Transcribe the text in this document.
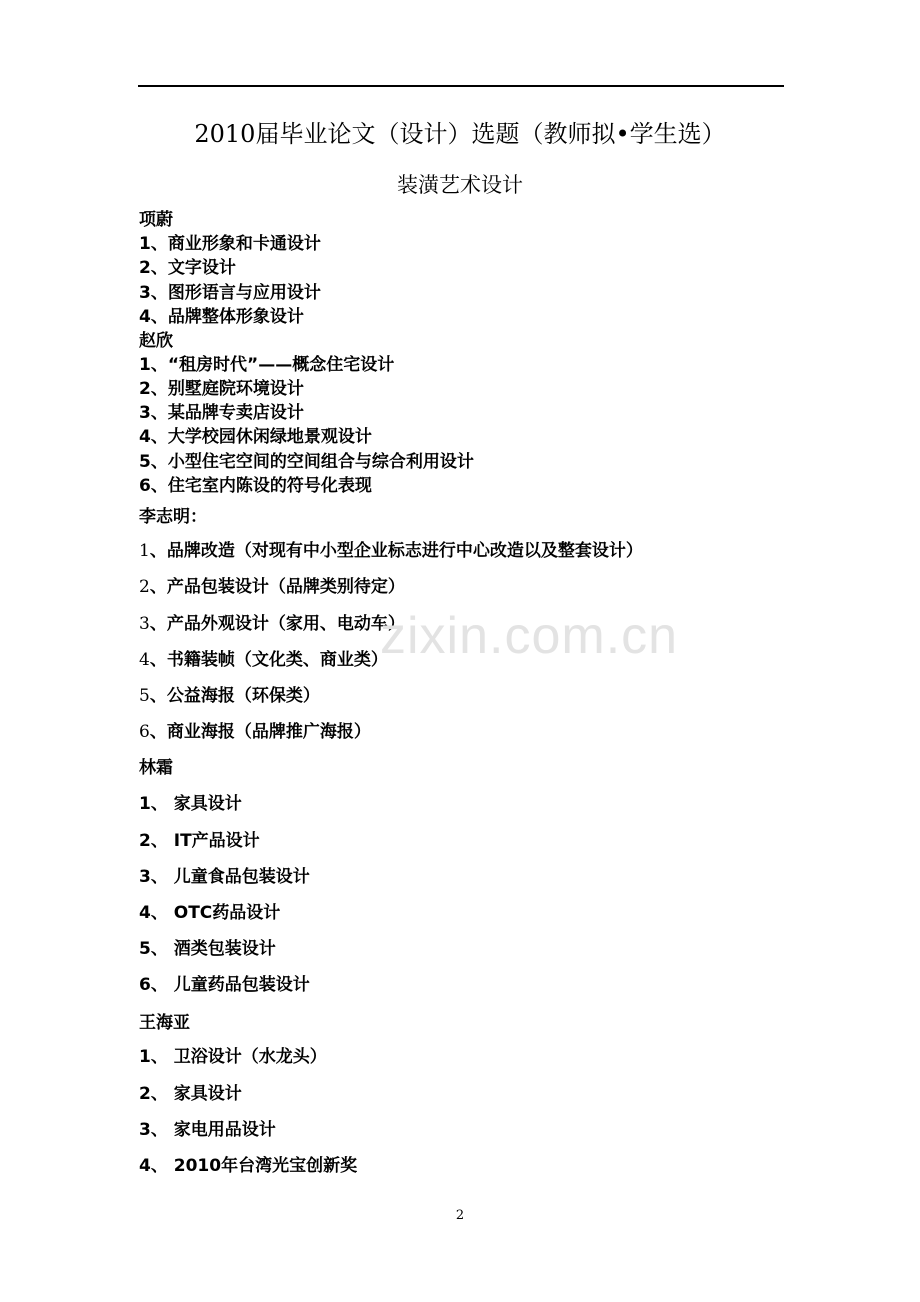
2010届毕业论文（设计）选题（教师拟•学生选）
装潢艺术设计
项蔚
1、商业形象和卡通设计
2、文字设计
3、图形语言与应用设计
4、品牌整体形象设计
赵欣
1、“租房时代”——概念住宅设计
2、别墅庭院环境设计
3、某品牌专卖店设计
4、大学校园休闲绿地景观设计
5、小型住宅空间的空间组合与综合利用设计
6、住宅室内陈设的符号化表现
李志明：
1、品牌改造（对现有中小型企业标志进行中心改造以及整套设计）
2、产品包装设计（品牌类别待定）
3、产品外观设计（家用、电动车）
4、书籍装帧（文化类、商业类）
5、公益海报（环保类）
6、商业海报（品牌推广海报）
zixin.com.cn
林霜
1、 家具设计
2、 IT产品设计
3、 儿童食品包装设计
4、 OTC药品设计
5、 酒类包装设计
6、 儿童药品包装设计
王海亚
1、 卫浴设计（水龙头）
2、 家具设计
3、 家电用品设计
4、 2010年台湾光宝创新奖
2
